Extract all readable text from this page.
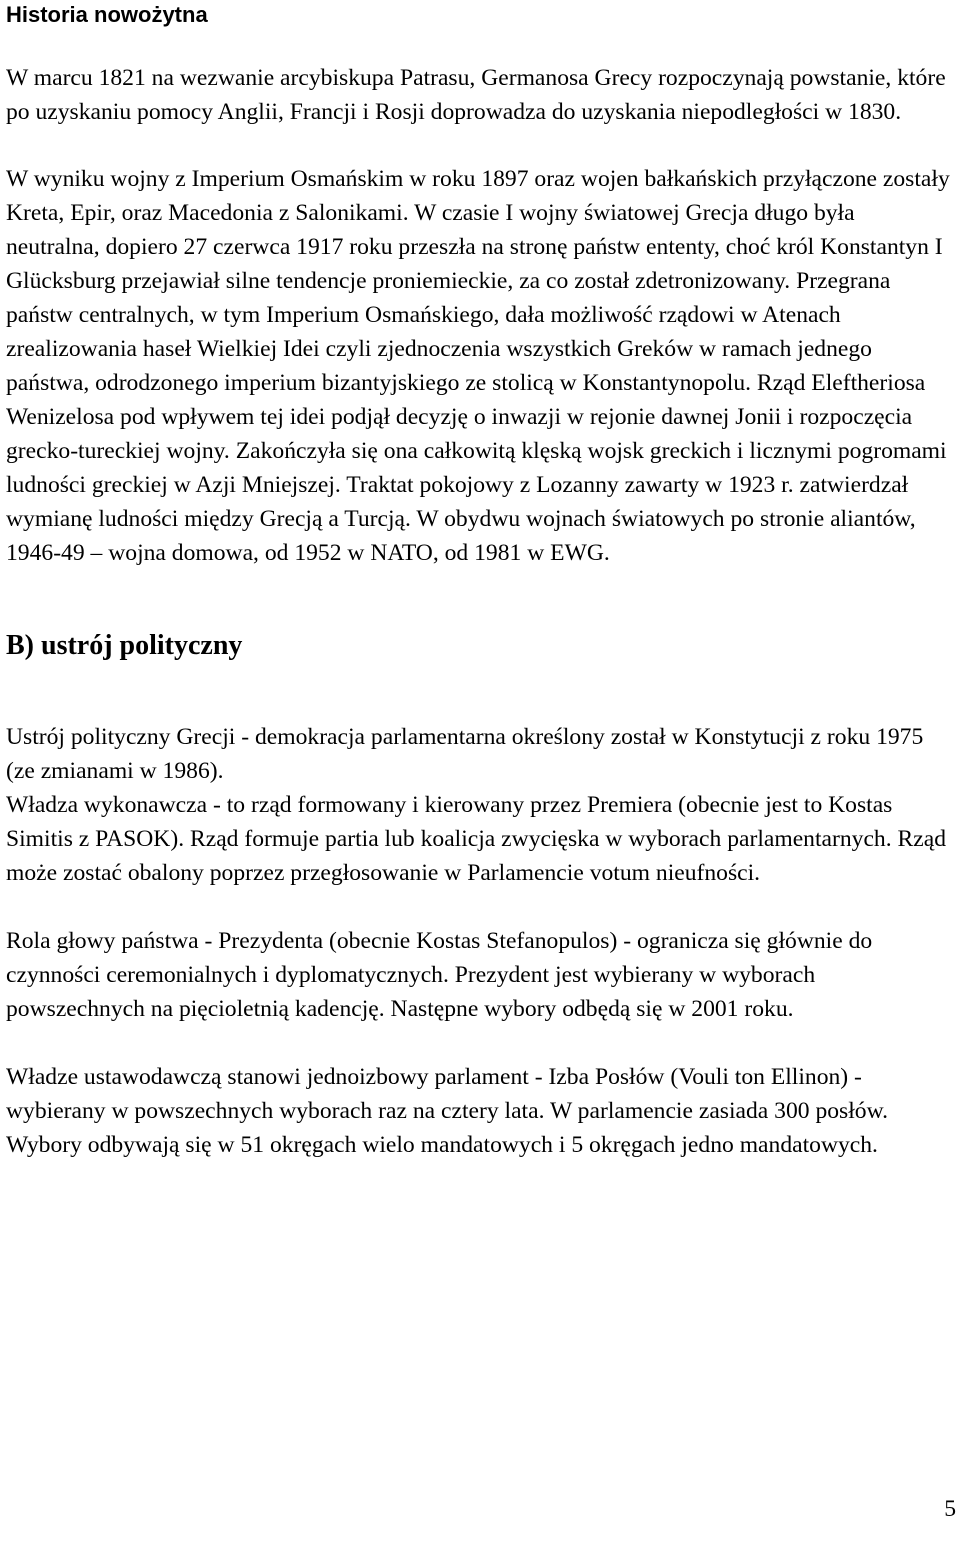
Historia nowożytna

W marcu 1821 na wezwanie arcybiskupa Patrasu, Germanosa Grecy rozpoczynają powstanie, które po uzyskaniu pomocy Anglii, Francji i Rosji doprowadza do uzyskania niepodległości w 1830.

W wyniku wojny z Imperium Osmańskim w roku 1897 oraz wojen bałkańskich przyłączone zostały Kreta, Epir, oraz Macedonia z Salonikami. W czasie I wojny światowej Grecja długo była neutralna, dopiero 27 czerwca 1917 roku przeszła na stronę państw ententy, choć król Konstantyn I Glücksburg przejawiał silne tendencje proniemieckie, za co został zdetronizowany. Przegrana państw centralnych, w tym Imperium Osmańskiego, dała możliwość rządowi w Atenach zrealizowania haseł Wielkiej Idei czyli zjednoczenia wszystkich Greków w ramach jednego państwa, odrodzonego imperium bizantyjskiego ze stolicą w Konstantynopolu. Rząd Eleftheriosa Wenizelosa pod wpływem tej idei podjął decyzję o inwazji w rejonie dawnej Jonii i rozpoczęcia grecko-tureckiej wojny. Zakończyła się ona całkowitą klęską wojsk greckich i licznymi pogromami ludności greckiej w Azji Mniejszej. Traktat pokojowy z Lozanny zawarty w 1923 r. zatwierdzał wymianę ludności między Grecją a Turcją. W obydwu wojnach światowych po stronie aliantów, 1946-49 – wojna domowa, od 1952 w NATO, od 1981 w EWG.

B) ustrój polityczny

Ustrój polityczny Grecji - demokracja parlamentarna określony został w Konstytucji z roku 1975 (ze zmianami w 1986).

Władza wykonawcza - to rząd formowany i kierowany przez Premiera (obecnie jest to Kostas Simitis z PASOK). Rząd formuje partia lub koalicja zwycięska w wyborach parlamentarnych. Rząd może zostać obalony poprzez przegłosowanie w Parlamencie votum nieufności.

Rola głowy państwa - Prezydenta (obecnie Kostas Stefanopulos) - ogranicza się głównie do czynności ceremonialnych i dyplomatycznych. Prezydent jest wybierany w wyborach powszechnych na pięcioletnią kadencję. Następne wybory odbędą się w 2001 roku.

Władze ustawodawczą stanowi jednoizbowy parlament - Izba Posłów (Vouli ton Ellinon) - wybierany w powszechnych wyborach raz na cztery lata. W parlamencie zasiada 300 posłów. Wybory odbywają się w 51 okręgach wielo mandatowych i 5 okręgach jedno mandatowych.

5
